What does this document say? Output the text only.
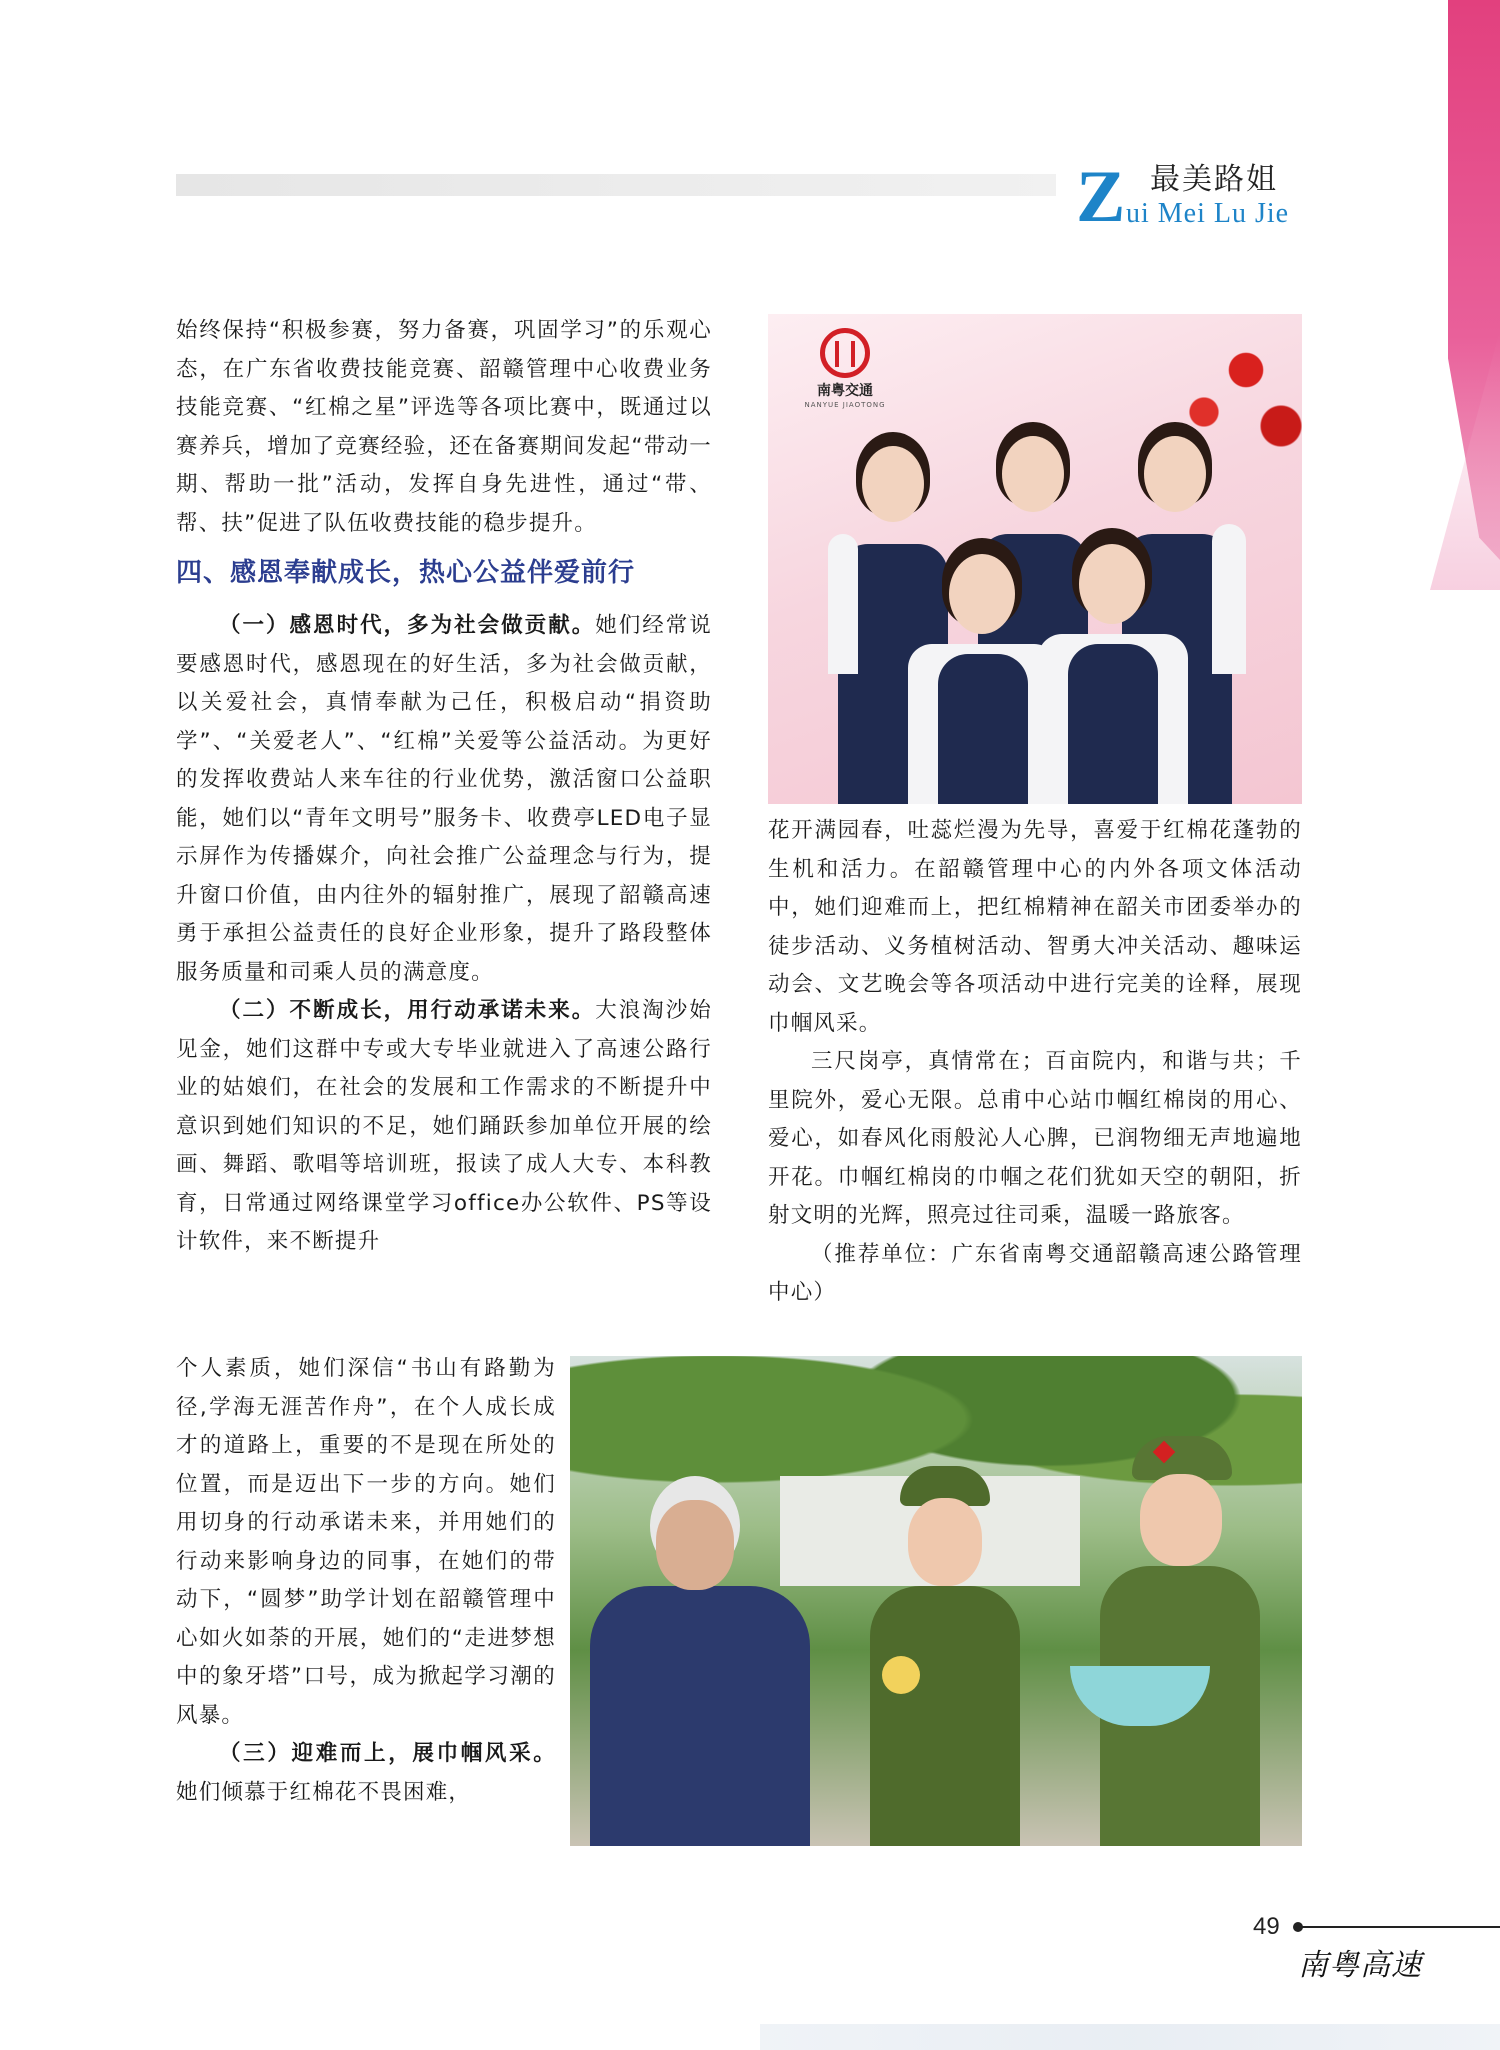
Z 最美路姐
ui Mei Lu Jie

始终保持“积极参赛，努力备赛，巩固学习”的乐观心态，在广东省收费技能竞赛、韶赣管理中心收费业务技能竞赛、“红棉之星”评选等各项比赛中，既通过以赛养兵，增加了竞赛经验，还在备赛期间发起“带动一期、帮助一批”活动，发挥自身先进性，通过“带、帮、扶”促进了队伍收费技能的稳步提升。

四、感恩奉献成长，热心公益伴爱前行

（一）感恩时代，多为社会做贡献。她们经常说要感恩时代，感恩现在的好生活，多为社会做贡献，以关爱社会，真情奉献为己任，积极启动“捐资助学”、“关爱老人”、“红棉”关爱等公益活动。为更好的发挥收费站人来车往的行业优势，激活窗口公益职能，她们以“青年文明号”服务卡、收费亭LED电子显示屏作为传播媒介，向社会推广公益理念与行为，提升窗口价值，由内往外的辐射推广，展现了韶赣高速勇于承担公益责任的良好企业形象，提升了路段整体服务质量和司乘人员的满意度。

（二）不断成长，用行动承诺未来。大浪淘沙始见金，她们这群中专或大专毕业就进入了高速公路行业的姑娘们，在社会的发展和工作需求的不断提升中意识到她们知识的不足，她们踊跃参加单位开展的绘画、舞蹈、歌唱等培训班，报读了成人大专、本科教育，日常通过网络课堂学习office办公软件、PS等设计软件，来不断提升

个人素质，她们深信“书山有路勤为径,学海无涯苦作舟”，在个人成长成才的道路上，重要的不是现在所处的位置，而是迈出下一步的方向。她们用切身的行动承诺未来，并用她们的行动来影响身边的同事，在她们的带动下，“圆梦”助学计划在韶赣管理中心如火如荼的开展，她们的“走进梦想中的象牙塔”口号，成为掀起学习潮的风暴。

（三）迎难而上，展巾帼风采。她们倾慕于红棉花不畏困难，

花开满园春，吐蕊烂漫为先导，喜爱于红棉花蓬勃的生机和活力。在韶赣管理中心的内外各项文体活动中，她们迎难而上，把红棉精神在韶关市团委举办的徒步活动、义务植树活动、智勇大冲关活动、趣味运动会、文艺晚会等各项活动中进行完美的诠释，展现巾帼风采。

三尺岗亭，真情常在；百亩院内，和谐与共；千里院外，爱心无限。总甫中心站巾帼红棉岗的用心、爱心，如春风化雨般沁人心脾，已润物细无声地遍地开花。巾帼红棉岗的巾帼之花们犹如天空的朝阳，折射文明的光辉，照亮过往司乘，温暖一路旅客。

（推荐单位：广东省南粤交通韶赣高速公路管理中心）

南粤交通
NANYUE JIAOTONG
49
南粤高速
